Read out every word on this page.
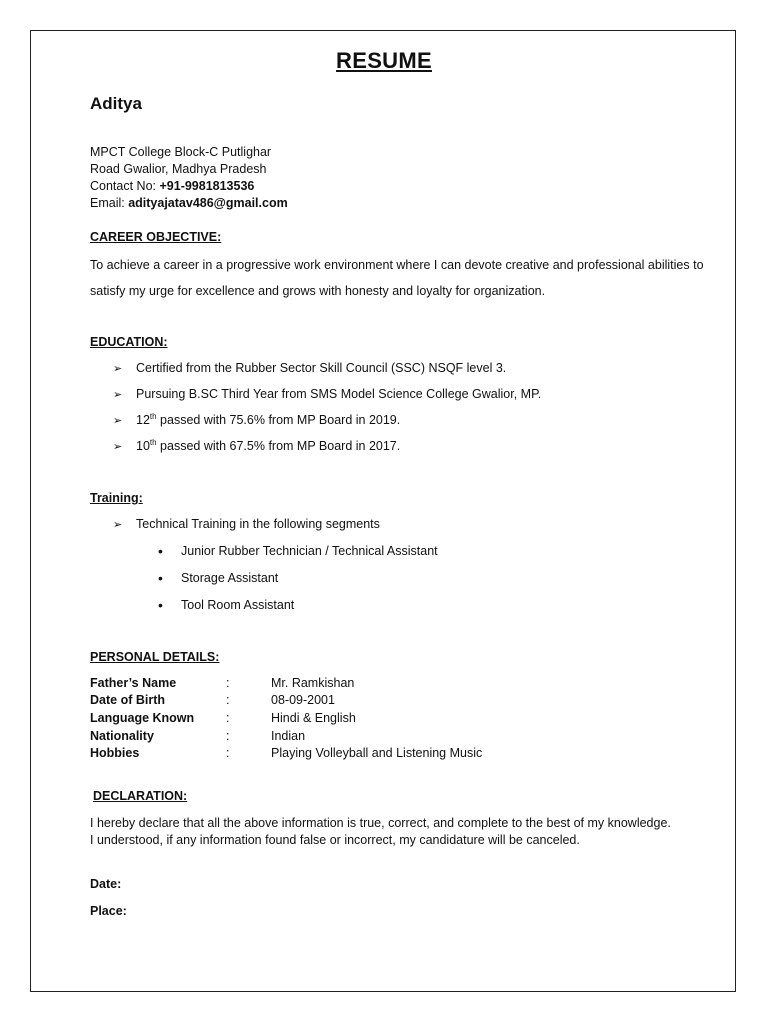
RESUME
Aditya
MPCT College Block-C Putlighar
Road Gwalior, Madhya Pradesh
Contact No: +91-9981813536
Email: adityajatav486@gmail.com
CAREER OBJECTIVE:
To achieve a career in a progressive work environment where I can devote creative and professional abilities to
satisfy my urge for excellence and grows with honesty and loyalty for organization.
EDUCATION:
➢ Certified from the Rubber Sector Skill Council (SSC) NSQF level 3.
➢ Pursuing B.SC Third Year from SMS Model Science College Gwalior, MP.
➢ 12th passed with 75.6% from MP Board in 2019.
➢ 10th passed with 67.5% from MP Board in 2017.
Training:
➢ Technical Training in the following segments
• Junior Rubber Technician / Technical Assistant
• Storage Assistant
• Tool Room Assistant
PERSONAL DETAILS:
Father’s Name	:	Mr. Ramkishan
Date of Birth	:	08-09-2001
Language Known	:	Hindi & English
Nationality	:	Indian
Hobbies	:	Playing Volleyball and Listening Music
DECLARATION:
I hereby declare that all the above information is true, correct, and complete to the best of my knowledge.
I understood, if any information found false or incorrect, my candidature will be canceled.
Date:
Place:
